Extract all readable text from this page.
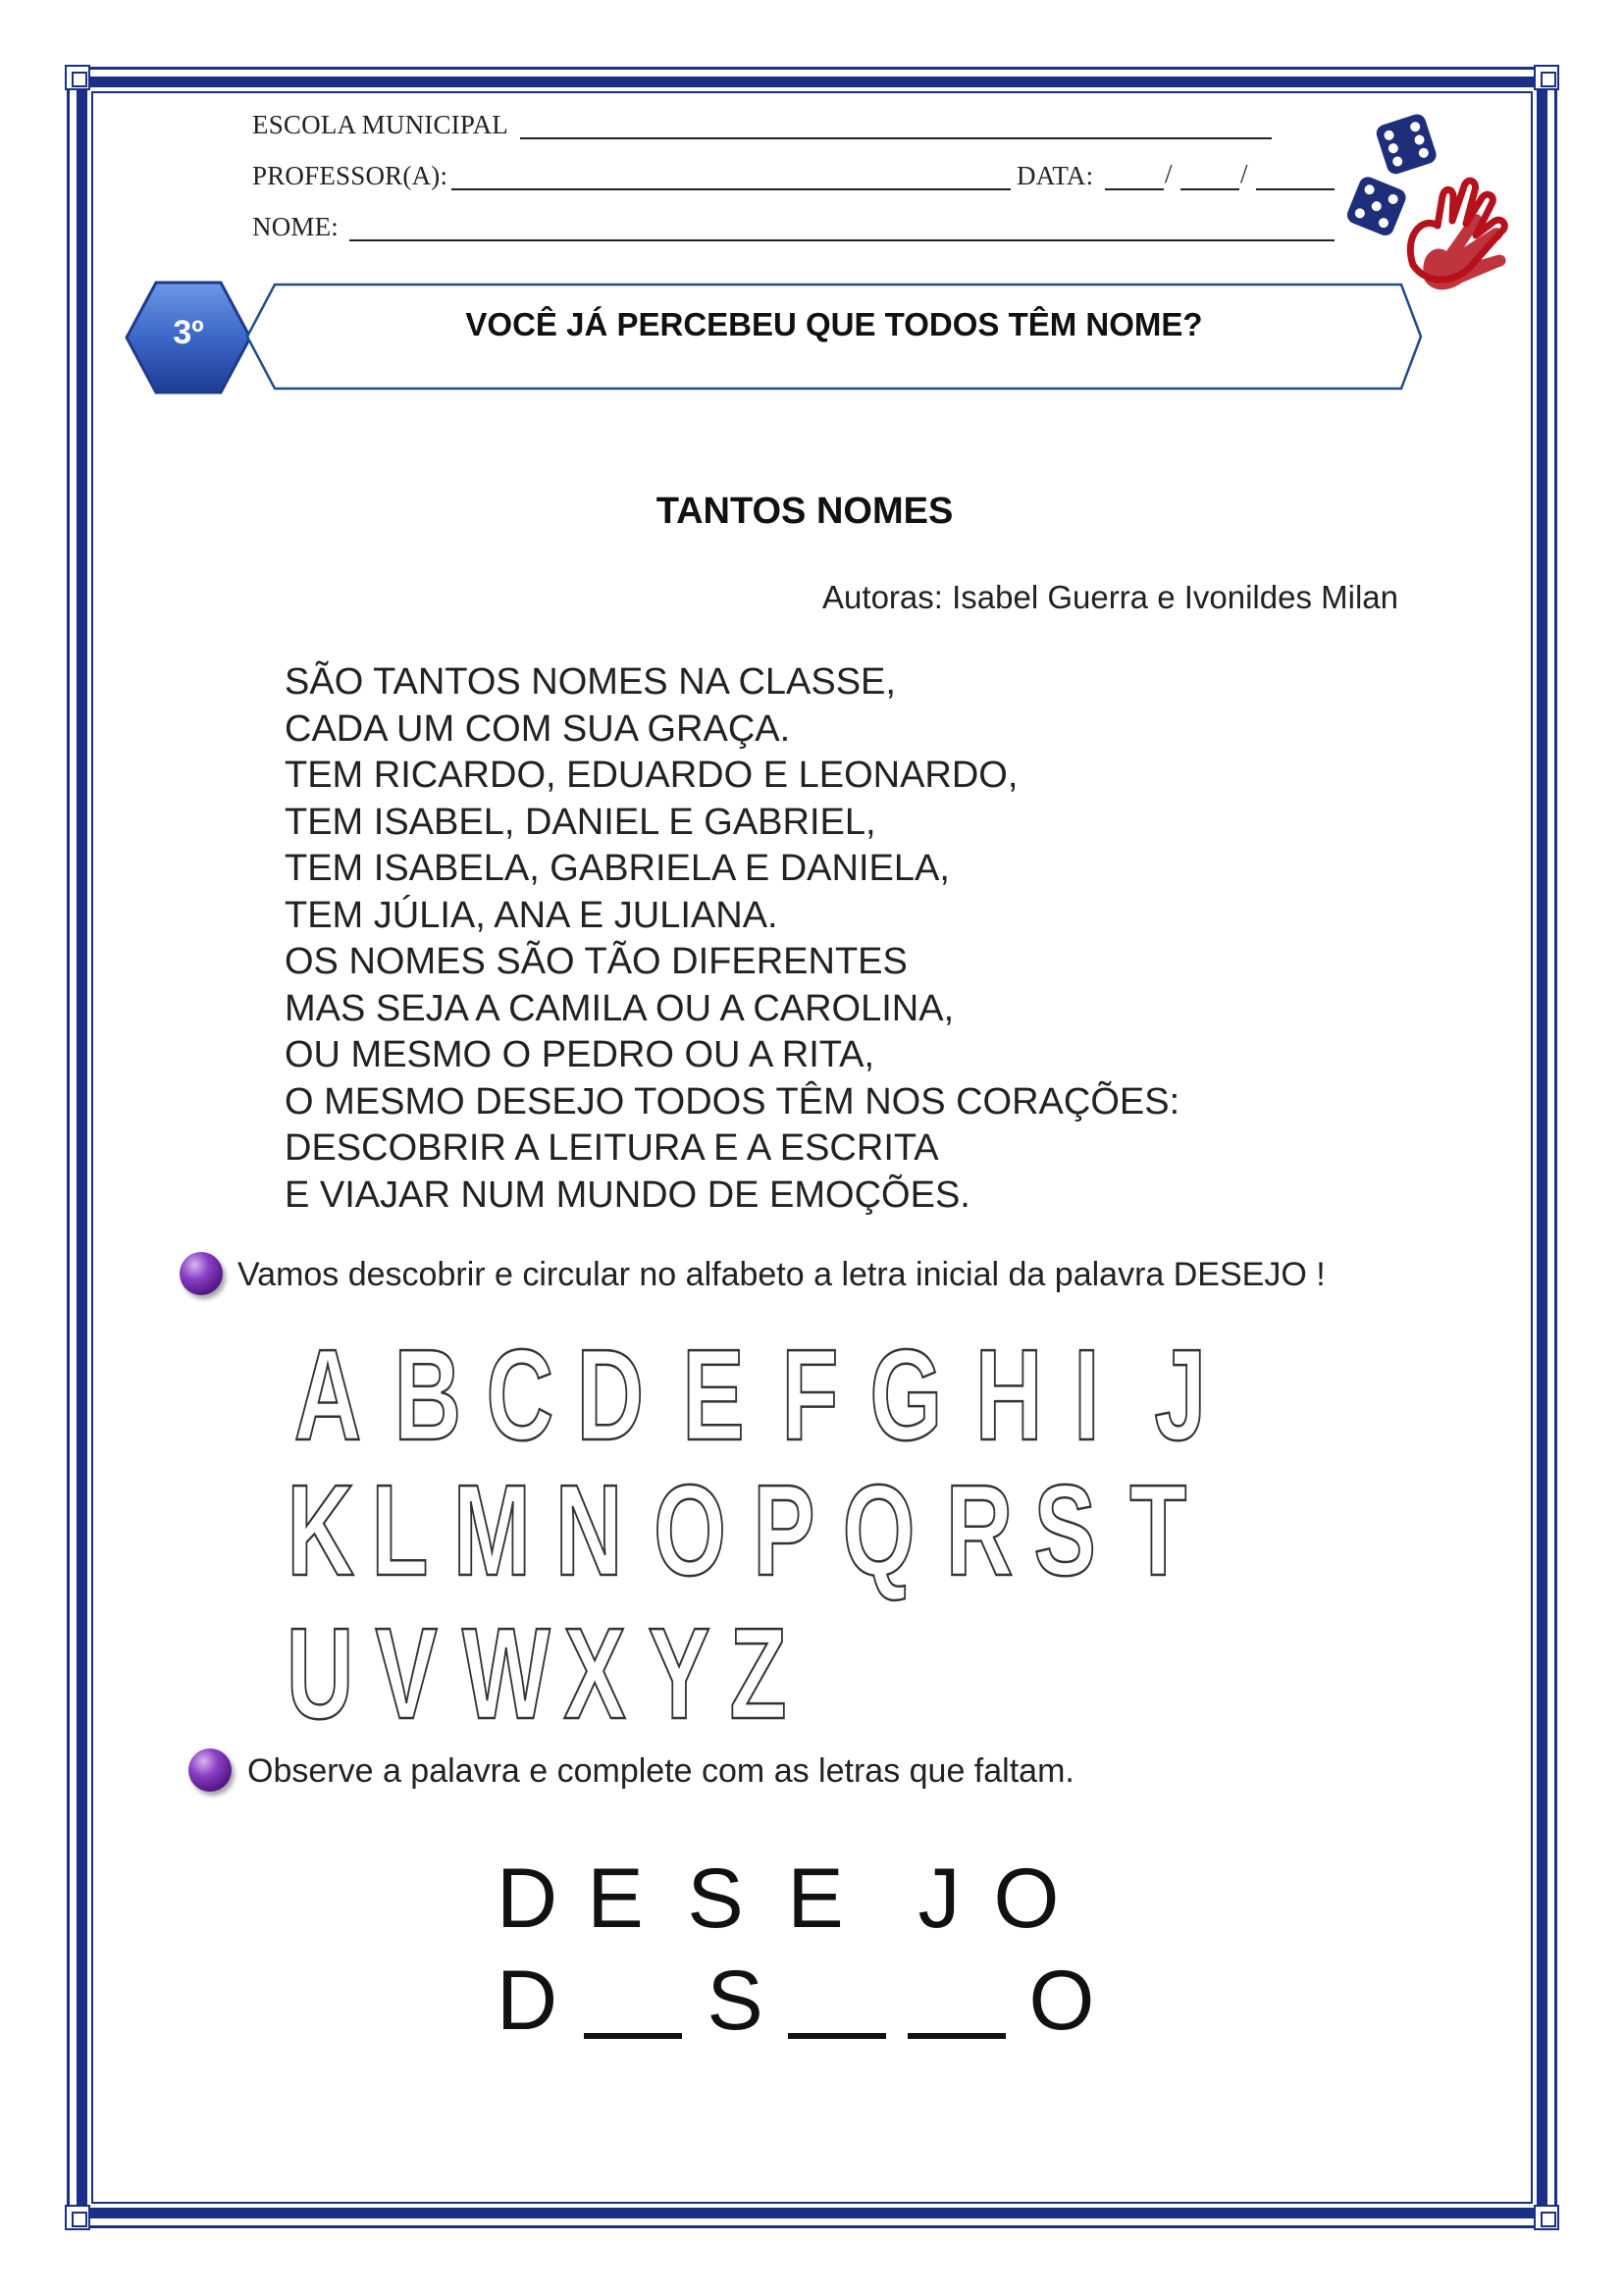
ESCOLA MUNICIPAL
PROFESSOR(A):	DATA:	/	/
NOME:
3º	VOCÊ JÁ PERCEBEU QUE TODOS TÊM NOME?
TANTOS NOMES
Autoras: Isabel Guerra e Ivonildes Milan
SÃO TANTOS NOMES NA CLASSE,
CADA UM COM SUA GRAÇA.
TEM RICARDO, EDUARDO E LEONARDO,
TEM ISABEL, DANIEL E GABRIEL,
TEM ISABELA, GABRIELA E DANIELA,
TEM JÚLIA, ANA E JULIANA.
OS NOMES SÃO TÃO DIFERENTES
MAS SEJA A CAMILA OU A CAROLINA,
OU MESMO O PEDRO OU A RITA,
O MESMO DESEJO TODOS TÊM NOS CORAÇÕES:
DESCOBRIR A LEITURA E A ESCRITA
E VIAJAR NUM MUNDO DE EMOÇÕES.
Vamos descobrir e circular no alfabeto a letra inicial da palavra DESEJO !
A B C D E F G H I J
K L M N O P Q R S T
U V W X Y Z
Observe a palavra e complete com as letras que faltam.
D E S E J O
D S	O
